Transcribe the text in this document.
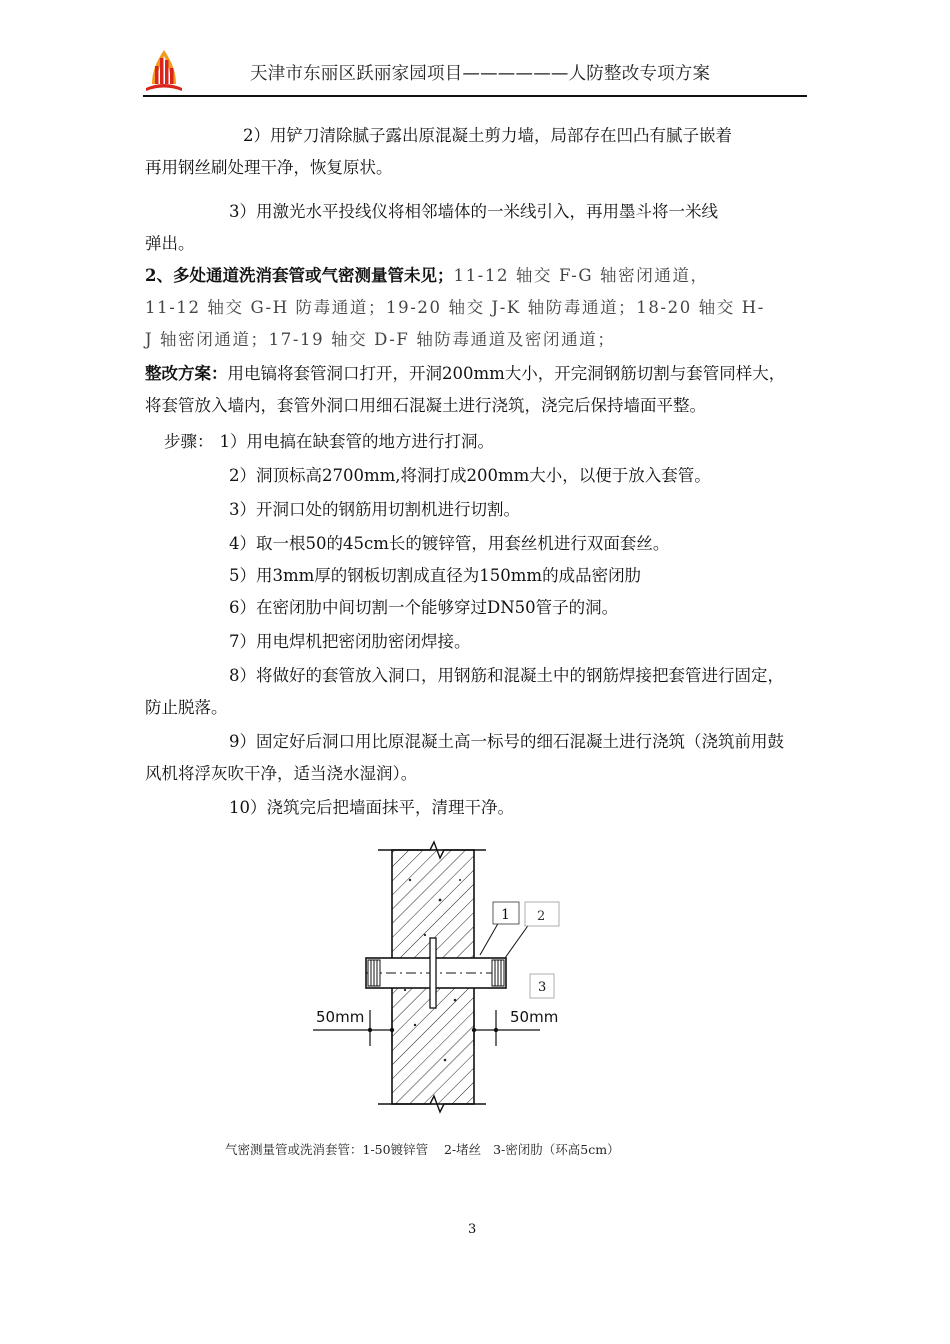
天津市东丽区跃丽家园项目——————人防整改专项方案
2）用铲刀清除腻子露出原混凝土剪力墙，局部存在凹凸有腻子嵌着
再用钢丝刷处理干净，恢复原状。
3）用激光水平投线仪将相邻墙体的一米线引入，再用墨斗将一米线
弹出。
2、多处通道洗消套管或气密测量管未见；11-12 轴交 F-G 轴密闭通道，
11-12 轴交 G-H 防毒通道；19-20 轴交 J-K 轴防毒通道；18-20 轴交 H-
J 轴密闭通道；17-19 轴交 D-F 轴防毒通道及密闭通道；
整改方案：用电镐将套管洞口打开，开洞200mm大小，开完洞钢筋切割与套管同样大，
将套管放入墙内，套管外洞口用细石混凝土进行浇筑，浇完后保持墙面平整。
步骤： 1）用电搞在缺套管的地方进行打洞。
2）洞顶标高2700mm,将洞打成200mm大小，以便于放入套管。
3）开洞口处的钢筋用切割机进行切割。
4）取一根50的45cm长的镀锌管，用套丝机进行双面套丝。
5）用3mm厚的钢板切割成直径为150mm的成品密闭肋
6）在密闭肋中间切割一个能够穿过DN50管子的洞。
7）用电焊机把密闭肋密闭焊接。
8）将做好的套管放入洞口，用钢筋和混凝土中的钢筋焊接把套管进行固定，
防止脱落。
9）固定好后洞口用比原混凝土高一标号的细石混凝土进行浇筑（浇筑前用鼓
风机将浮灰吹干净，适当浇水湿润）。
10）浇筑完后把墙面抹平，清理干净。
1 2
3
50mm	50mm
气密测量管或洗消套管：1-50镀锌管    2-堵丝   3-密闭肋（环高5cm）
3
